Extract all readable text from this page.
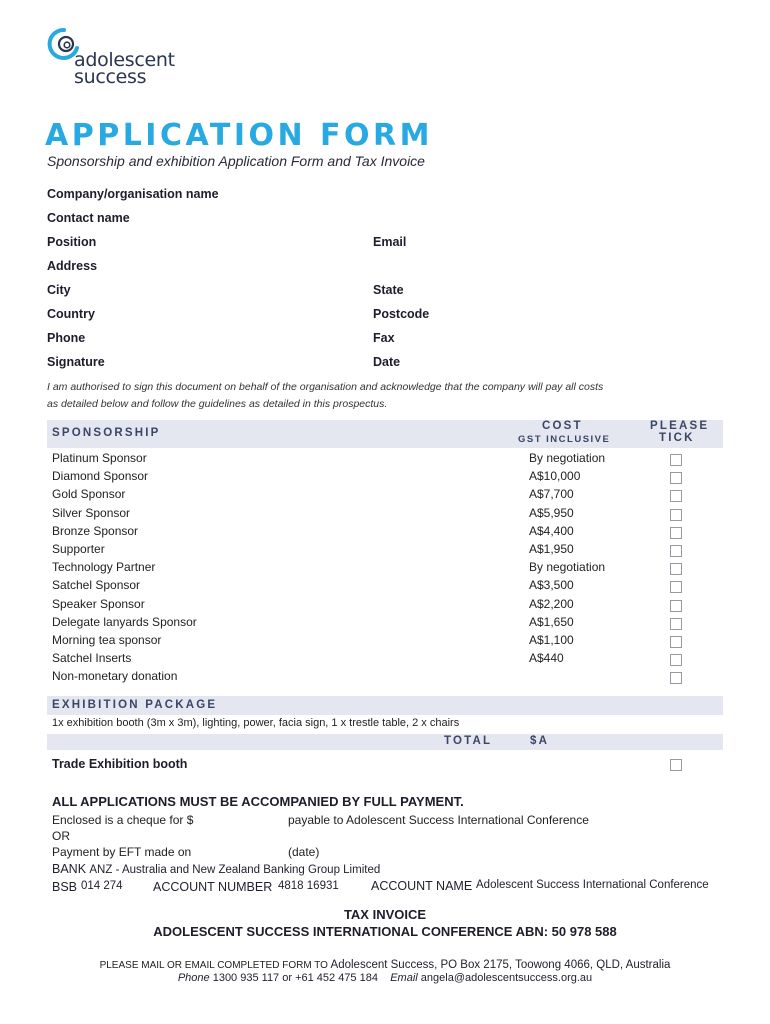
adolescent
success
APPLICATION FORM
Sponsorship and exhibition Application Form and Tax Invoice
Company/organisation name
Contact name
Position	Email
Address
City	State
Country	Postcode
Phone	Fax
Signature	Date
I am authorised to sign this document on behalf of the organisation and acknowledge that the company will pay all costs
as detailed below and follow the guidelines as detailed in this prospectus.
SPONSORSHIP
COST
GST INCLUSIVE
PLEASE
TICK
Platinum Sponsor	By negotiation
Diamond Sponsor	A$10,000
Gold Sponsor	A$7,700
Silver Sponsor	A$5,950
Bronze Sponsor	A$4,400
Supporter	A$1,950
Technology Partner	By negotiation
Satchel Sponsor	A$3,500
Speaker Sponsor	A$2,200
Delegate lanyards Sponsor	A$1,650
Morning tea sponsor	A$1,100
Satchel Inserts	A$440
Non-monetary donation
EXHIBITION PACKAGE
1x exhibition booth (3m x 3m), lighting, power, facia sign, 1 x trestle table, 2 x chairs
TOTAL	$A
Trade Exhibition booth
ALL APPLICATIONS MUST BE ACCOMPANIED BY FULL PAYMENT.
Enclosed is a cheque for $	payable to Adolescent Success International Conference
OR
Payment by EFT made on	(date)
BANK ANZ - Australia and New Zealand Banking Group Limited
BSB 014 274 ACCOUNT NUMBER 4818 16931	ACCOUNT NAME Adolescent Success International Conference
TAX INVOICE
ADOLESCENT SUCCESS INTERNATIONAL CONFERENCE ABN: 50 978 588
PLEASE MAIL OR EMAIL COMPLETED FORM TO Adolescent Success, PO Box 2175, Toowong 4066, QLD, Australia
Phone 1300 935 117 or +61 452 475 184 Email angela@adolescentsuccess.org.au
